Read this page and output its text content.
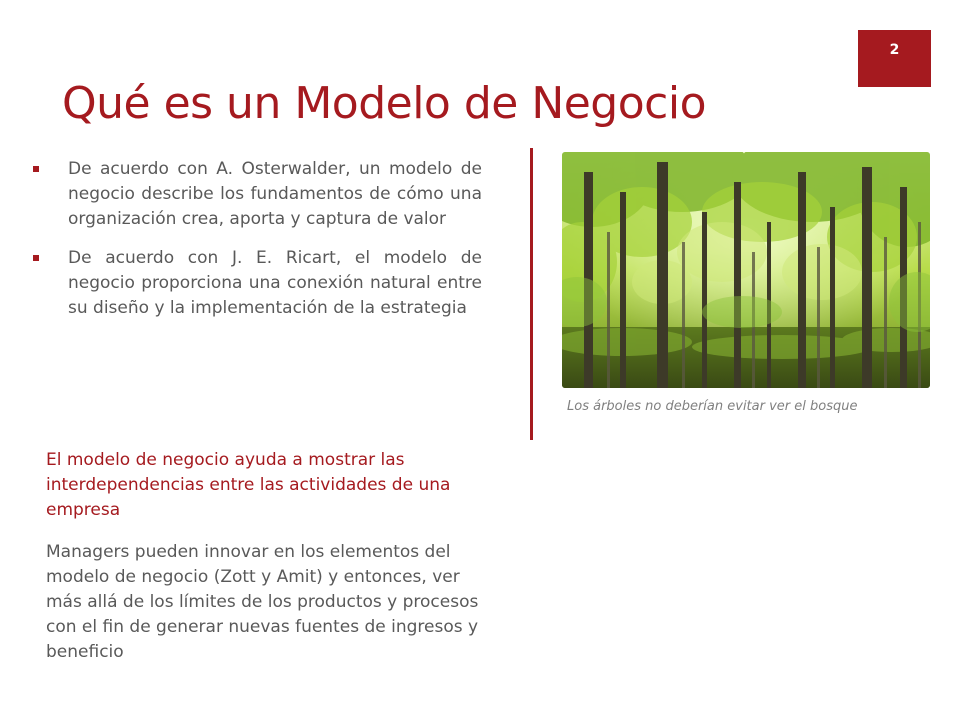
2
Qué es un Modelo de Negocio
De acuerdo con A. Osterwalder, un modelo de negocio describe los fundamentos de cómo una organización crea, aporta y captura de valor
De acuerdo con J. E. Ricart, el modelo de negocio proporciona una conexión natural entre su diseño y la implementación de la estrategia

El modelo de negocio ayuda a mostrar las interdependencias entre las actividades de una empresa

Managers pueden innovar en los elementos del modelo de negocio (Zott y Amit) y entonces, ver más allá de los límites de los productos y procesos con el fin de generar nuevas fuentes de ingresos y beneficio

Los árboles no deberían evitar ver el bosque
